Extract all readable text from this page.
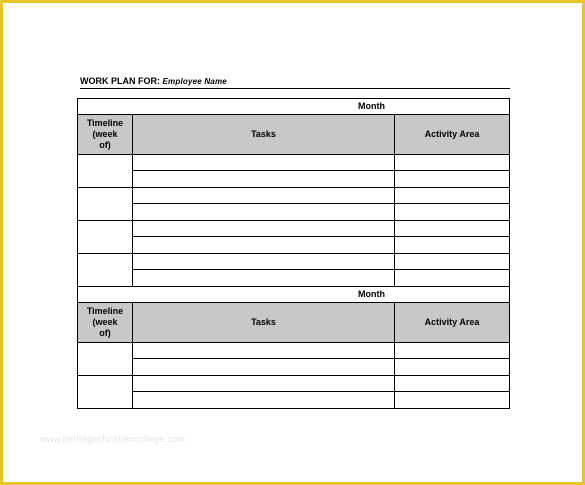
WORK PLAN FOR: Employee Name
Month
Timeline
(week
of)
Tasks	Activity Area
Month
Timeline
(week
of)
Tasks	Activity Area
www.heritagechristiancollege.com
